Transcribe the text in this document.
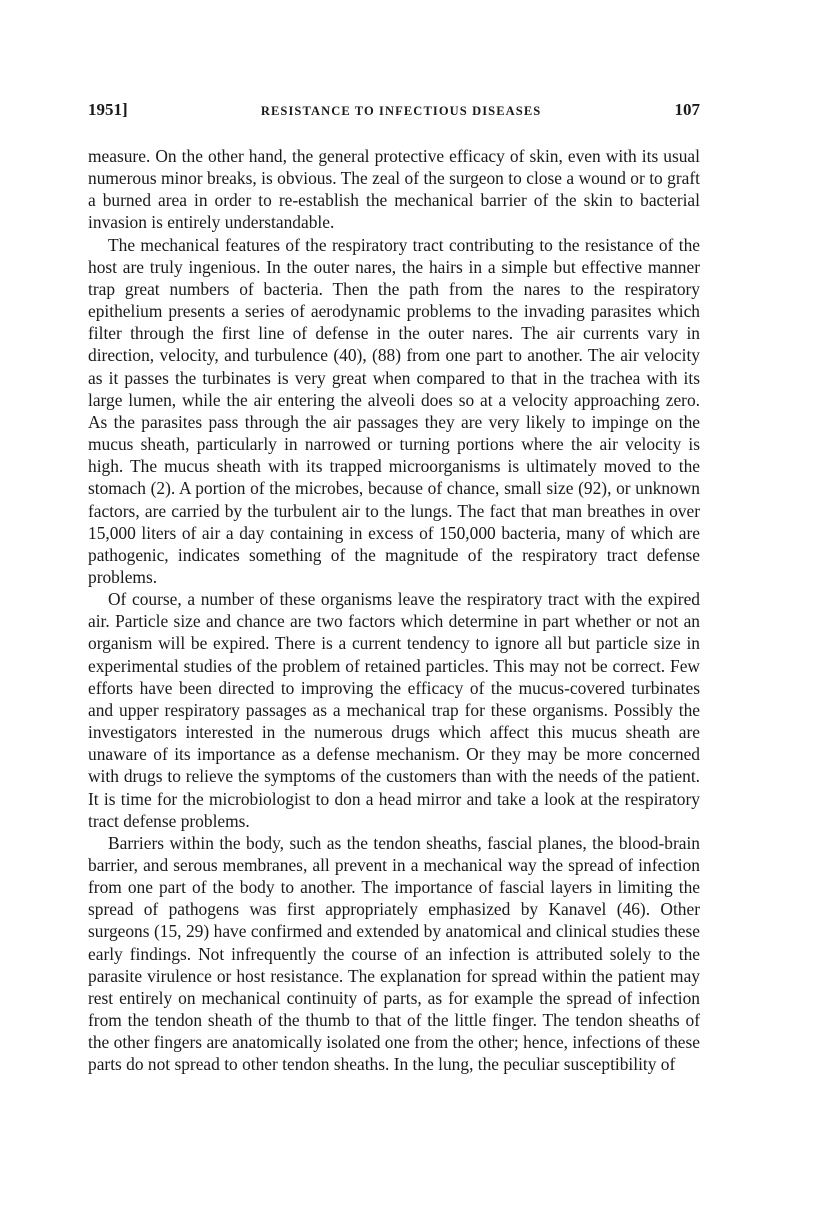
1951]	RESISTANCE TO INFECTIOUS DISEASES	107

measure. On the other hand, the general protective efficacy of skin, even with its usual numerous minor breaks, is obvious. The zeal of the surgeon to close a wound or to graft a burned area in order to re-establish the mechanical barrier of the skin to bacterial invasion is entirely understandable.

The mechanical features of the respiratory tract contributing to the resistance of the host are truly ingenious. In the outer nares, the hairs in a simple but effective manner trap great numbers of bacteria. Then the path from the nares to the respiratory epithelium presents a series of aerodynamic problems to the invading parasites which filter through the first line of defense in the outer nares. The air currents vary in direction, velocity, and turbulence (40), (88) from one part to another. The air velocity as it passes the turbinates is very great when compared to that in the trachea with its large lumen, while the air entering the alveoli does so at a velocity approaching zero. As the parasites pass through the air passages they are very likely to impinge on the mucus sheath, particularly in narrowed or turning portions where the air velocity is high. The mucus sheath with its trapped microorganisms is ultimately moved to the stomach (2). A portion of the microbes, because of chance, small size (92), or unknown factors, are carried by the turbulent air to the lungs. The fact that man breathes in over 15,000 liters of air a day containing in excess of 150,000 bacteria, many of which are pathogenic, indicates something of the magnitude of the respiratory tract defense problems.

Of course, a number of these organisms leave the respiratory tract with the expired air. Particle size and chance are two factors which determine in part whether or not an organism will be expired. There is a current tendency to ignore all but particle size in experimental studies of the problem of retained particles. This may not be correct. Few efforts have been directed to improving the efficacy of the mucus-covered turbinates and upper respiratory passages as a mechanical trap for these organisms. Possibly the investigators interested in the numerous drugs which affect this mucus sheath are unaware of its importance as a defense mechanism. Or they may be more concerned with drugs to relieve the symptoms of the customers than with the needs of the patient. It is time for the microbiologist to don a head mirror and take a look at the respiratory tract defense problems.

Barriers within the body, such as the tendon sheaths, fascial planes, the blood-brain barrier, and serous membranes, all prevent in a mechanical way the spread of infection from one part of the body to another. The importance of fascial layers in limiting the spread of pathogens was first appropriately emphasized by Kanavel (46). Other surgeons (15, 29) have confirmed and extended by anatomical and clinical studies these early findings. Not infrequently the course of an infection is attributed solely to the parasite virulence or host resistance. The explanation for spread within the patient may rest entirely on mechanical continuity of parts, as for example the spread of infection from the tendon sheath of the thumb to that of the little finger. The tendon sheaths of the other fingers are anatomically isolated one from the other; hence, infections of these parts do not spread to other tendon sheaths. In the lung, the peculiar susceptibility of
